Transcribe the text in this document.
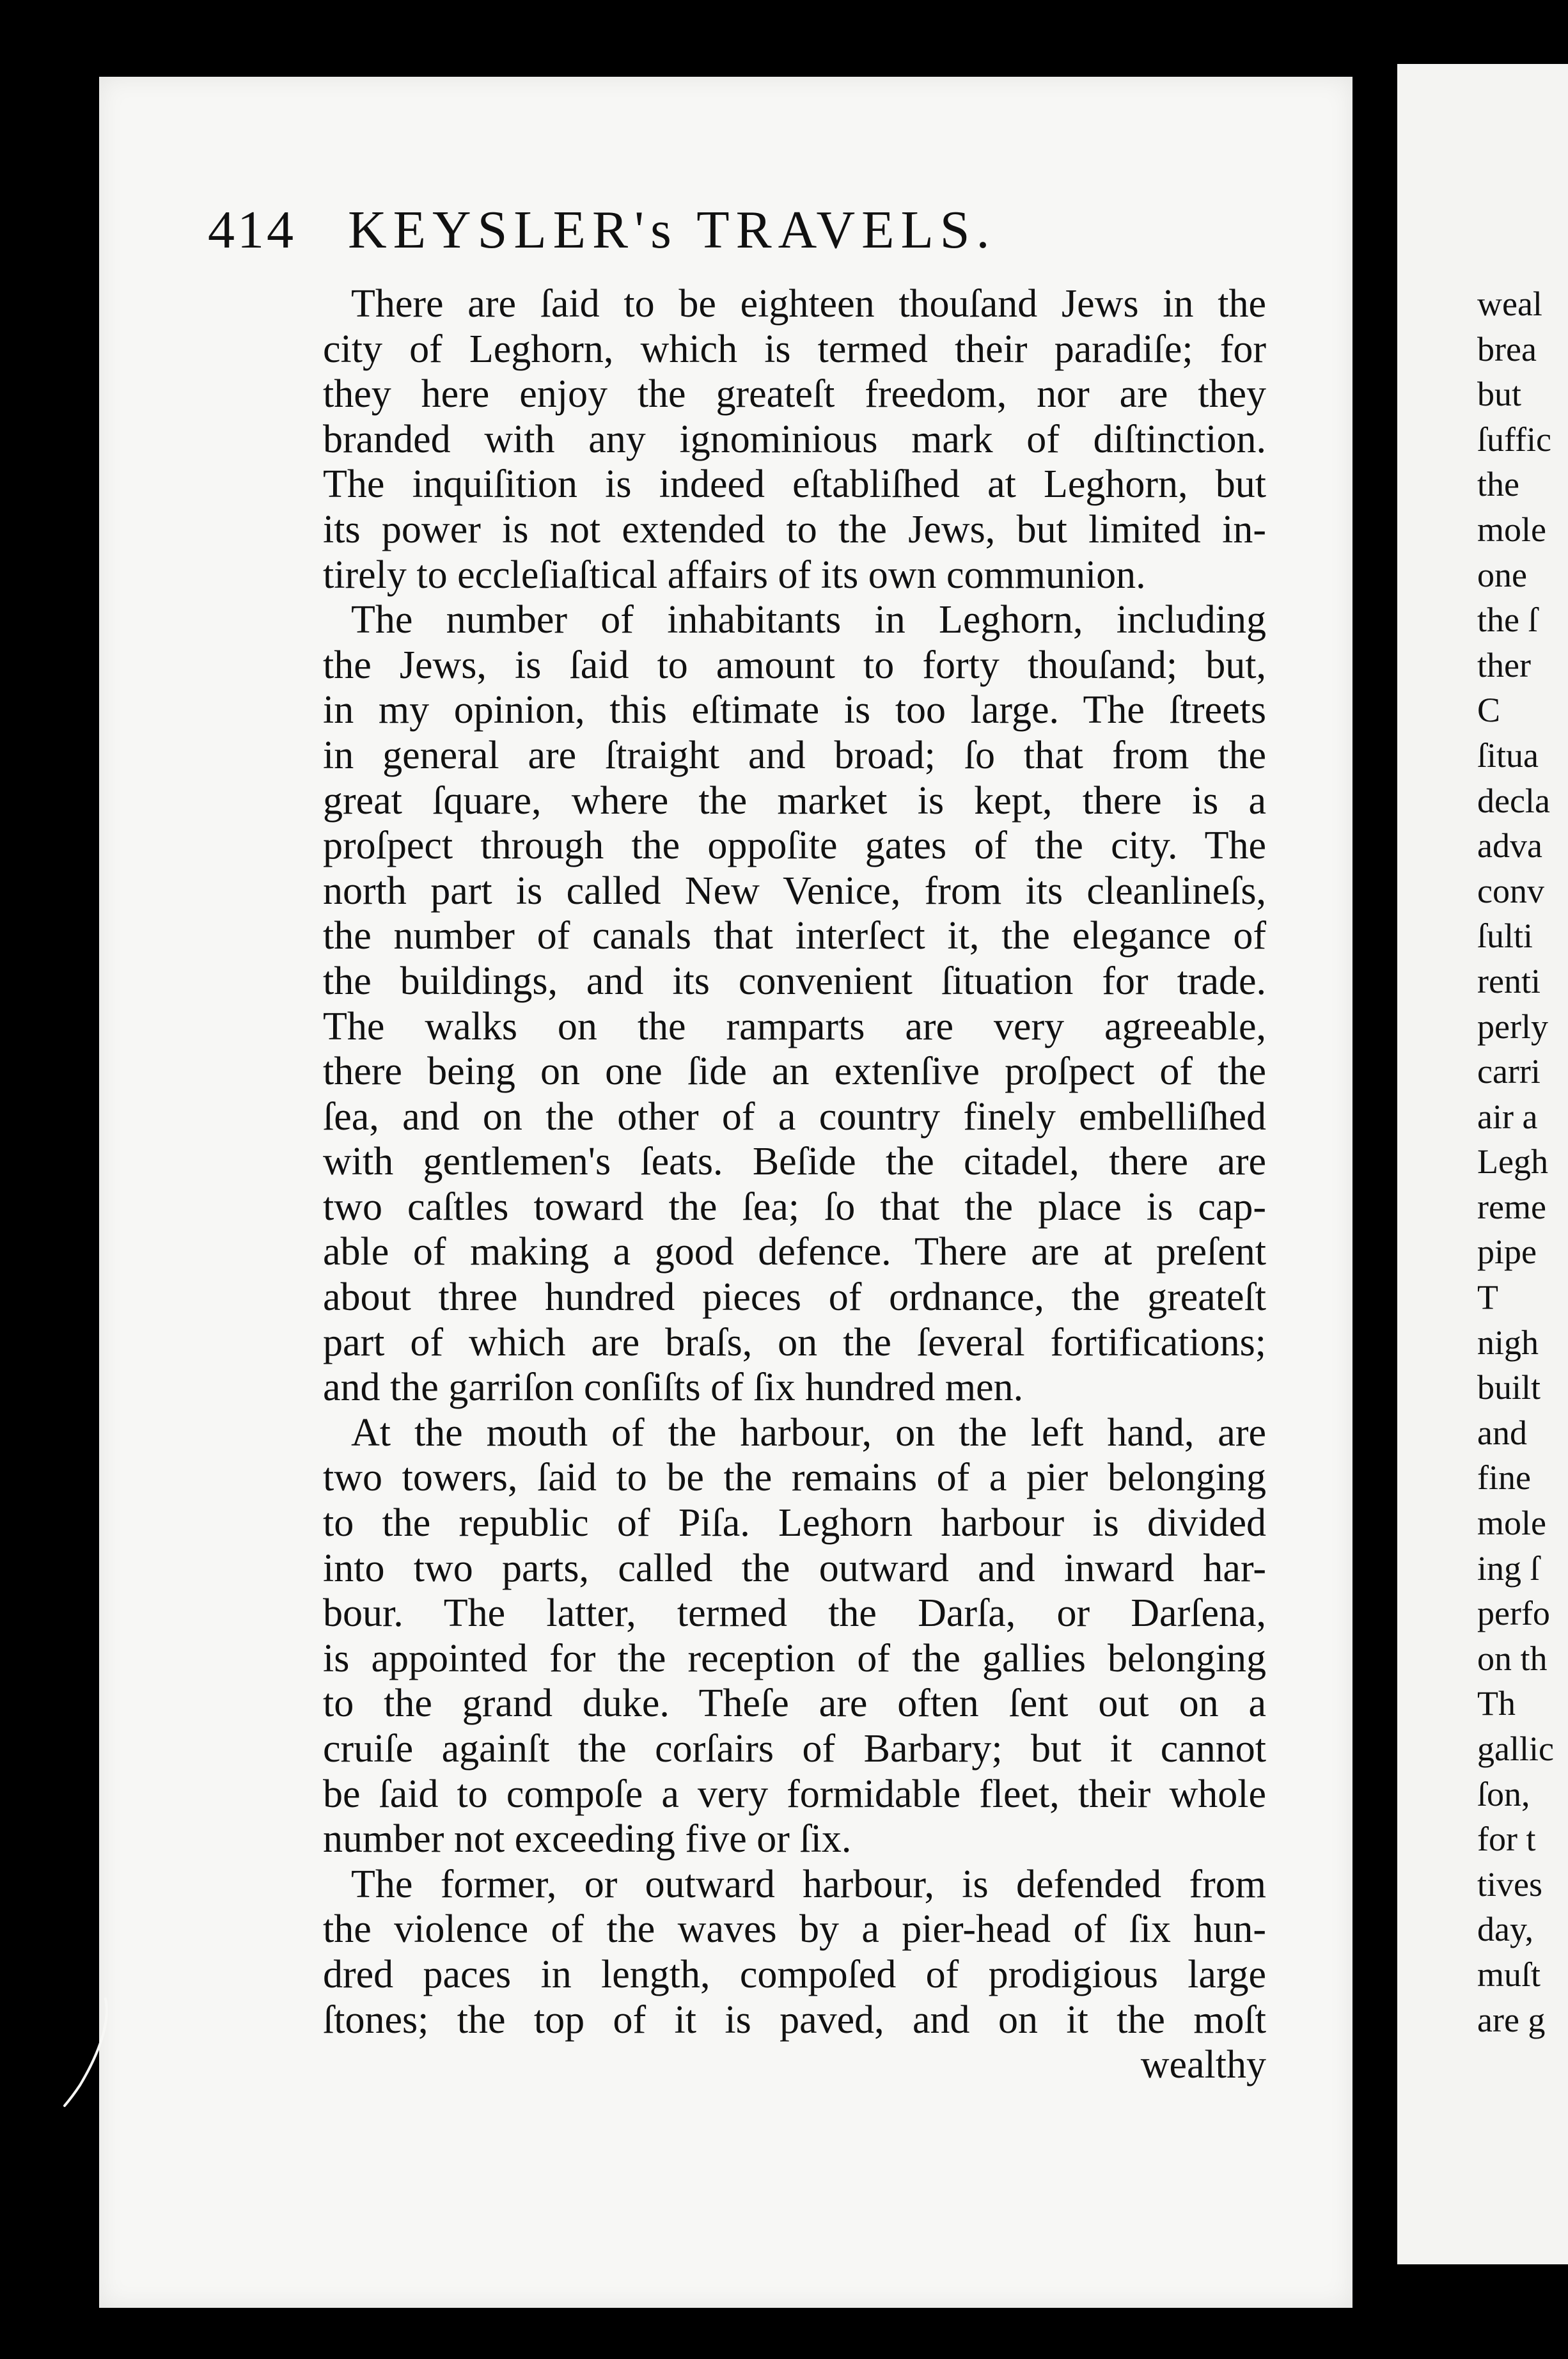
414 KEYSLER's TRAVELS.
There are ſaid to be eighteen thouſand Jews in the
city of Leghorn, which is termed their paradiſe; for
they here enjoy the greateſt freedom, nor are they
branded with any ignominious mark of diſtinction.
The inquiſition is indeed eſtabliſhed at Leghorn, but
its power is not extended to the Jews, but limited in-
tirely to eccleſiaſtical affairs of its own communion.
The number of inhabitants in Leghorn, including
the Jews, is ſaid to amount to forty thouſand; but,
in my opinion, this eſtimate is too large. The ſtreets
in general are ſtraight and broad; ſo that from the
great ſquare, where the market is kept, there is a
proſpect through the oppoſite gates of the city. The
north part is called New Venice, from its cleanlineſs,
the number of canals that interſect it, the elegance of
the buildings, and its convenient ſituation for trade.
The walks on the ramparts are very agreeable,
there being on one ſide an extenſive proſpect of the
ſea, and on the other of a country finely embelliſhed
with gentlemen's ſeats. Beſide the citadel, there are
two caſtles toward the ſea; ſo that the place is cap-
able of making a good defence. There are at preſent
about three hundred pieces of ordnance, the greateſt
part of which are braſs, on the ſeveral fortifications;
and the garriſon conſiſts of ſix hundred men.
At the mouth of the harbour, on the left hand, are
two towers, ſaid to be the remains of a pier belonging
to the republic of Piſa. Leghorn harbour is divided
into two parts, called the outward and inward har-
bour. The latter, termed the Darſa, or Darſena,
is appointed for the reception of the gallies belonging
to the grand duke. Theſe are often ſent out on a
cruiſe againſt the corſairs of Barbary; but it cannot
be ſaid to compoſe a very formidable fleet, their whole
number not exceeding five or ſix.
The former, or outward harbour, is defended from
the violence of the waves by a pier-head of ſix hun-
dred paces in length, compoſed of prodigious large
ſtones; the top of it is paved, and on it the moſt
wealthy
weal
brea
but
ſuffic
the
mole
one
the ſ
ther
C
ſitua
decla
adva
conv
ſulti
renti
perly
carri
air a
Legh
reme
pipe
T
nigh
built
and
fine
mole
ing ſ
perfo
on th
Th
gallic
ſon,
for t
tives
day,
muſt
are g
